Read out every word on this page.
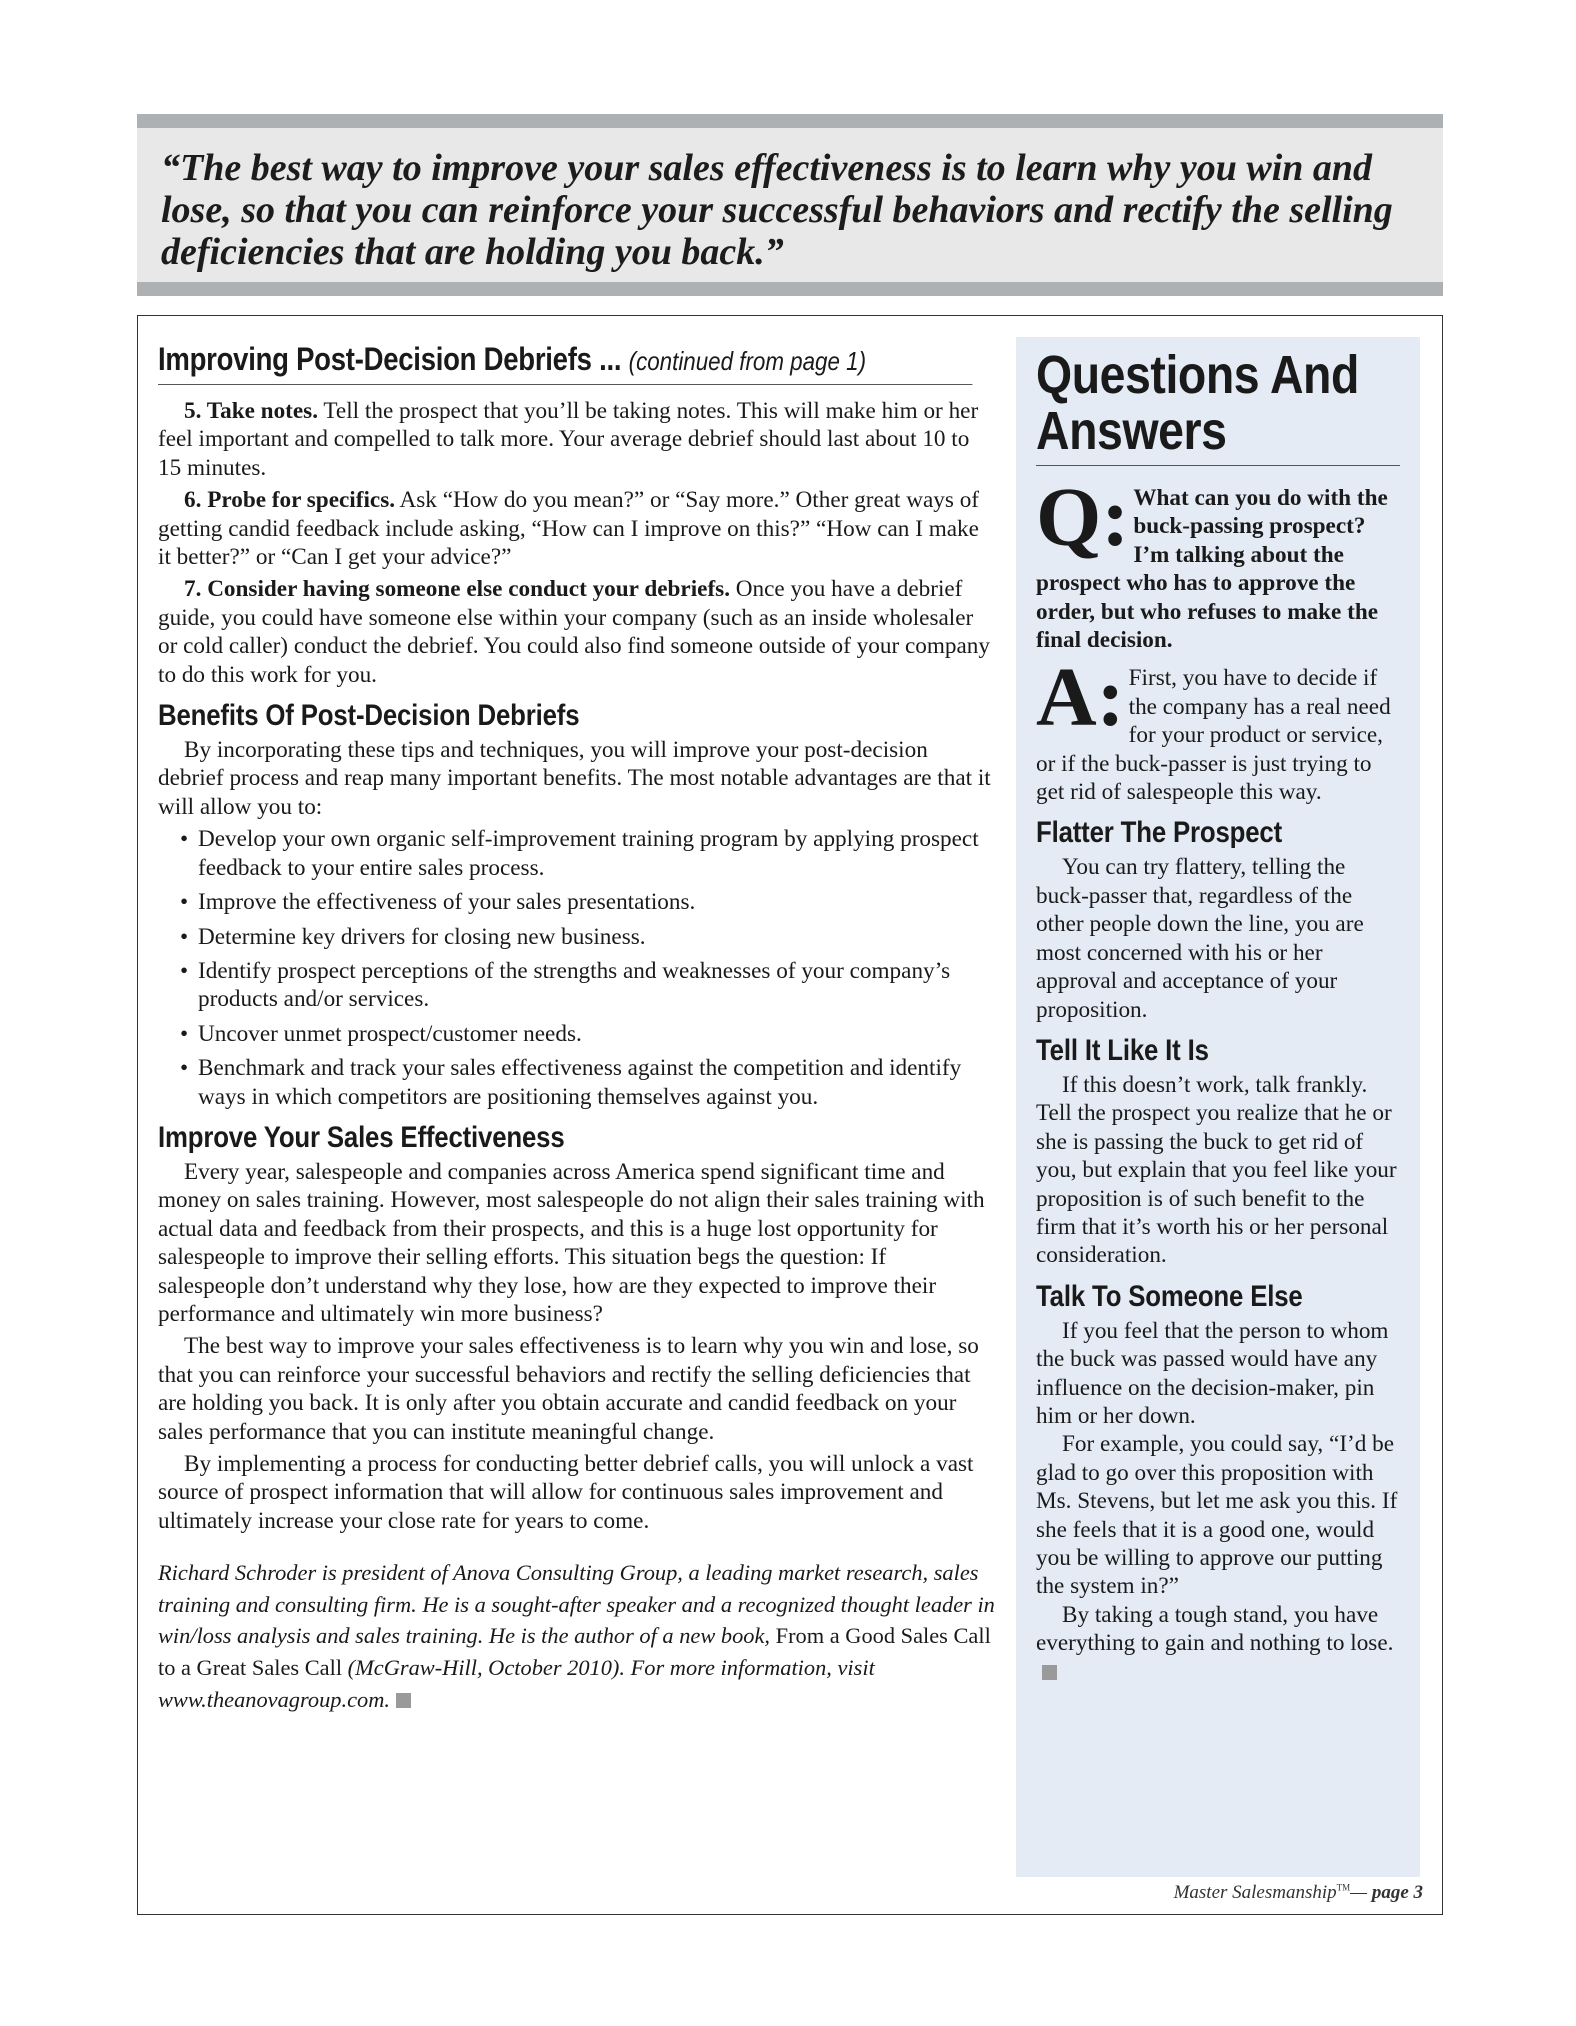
“The best way to improve your sales effectiveness is to learn why you win and lose, so that you can reinforce your successful behaviors and rectify the selling deficiencies that are holding you back.”

Improving Post-Decision Debriefs ... (continued from page 1)

5. Take notes. Tell the prospect that you’ll be taking notes. This will make him or her feel important and compelled to talk more. Your average debrief should last about 10 to 15 minutes.

6. Probe for specifics. Ask “How do you mean?” or “Say more.” Other great ways of getting candid feedback include asking, “How can I improve on this?” “How can I make it better?” or “Can I get your advice?”

7. Consider having someone else conduct your debriefs. Once you have a debrief guide, you could have someone else within your company (such as an inside wholesaler or cold caller) conduct the debrief. You could also find someone outside of your company to do this work for you.

Benefits Of Post-Decision Debriefs

By incorporating these tips and techniques, you will improve your post-decision debrief process and reap many important benefits. The most notable advantages are that it will allow you to:

• Develop your own organic self-improvement training program by applying prospect feedback to your entire sales process.
• Improve the effectiveness of your sales presentations.
• Determine key drivers for closing new business.
• Identify prospect perceptions of the strengths and weaknesses of your company’s products and/or services.
• Uncover unmet prospect/customer needs.
• Benchmark and track your sales effectiveness against the competition and identify ways in which competitors are positioning themselves against you.
Improve Your Sales Effectiveness

Every year, salespeople and companies across America spend significant time and money on sales training. However, most salespeople do not align their sales training with actual data and feedback from their prospects, and this is a huge lost opportunity for salespeople to improve their selling efforts. This situation begs the question: If salespeople don’t understand why they lose, how are they expected to improve their performance and ultimately win more business?

The best way to improve your sales effectiveness is to learn why you win and lose, so that you can reinforce your successful behaviors and rectify the selling deficiencies that are holding you back. It is only after you obtain accurate and candid feedback on your sales performance that you can institute meaningful change.

By implementing a process for conducting better debrief calls, you will unlock a vast source of prospect information that will allow for continuous sales improvement and ultimately increase your close rate for years to come.

Richard Schroder is president of Anova Consulting Group, a leading market research, sales training and consulting firm. He is a sought-after speaker and a recognized thought leader in win/loss analysis and sales training. He is the author of a new book, From a Good Sales Call to a Great Sales Call (McGraw-Hill, October 2010). For more information, visit www.theanovagroup.com.

Questions And Answers
Q: What can you do with the buck-passing prospect? I’m talking about the prospect who has to approve the order, but who refuses to make the final decision.
A: First, you have to decide if the company has a real need for your product or service, or if the buck-passer is just trying to get rid of salespeople this way.
Flatter The Prospect

You can try flattery, telling the buck-passer that, regardless of the other people down the line, you are most concerned with his or her approval and acceptance of your proposition.

Tell It Like It Is

If this doesn’t work, talk frankly. Tell the prospect you realize that he or she is passing the buck to get rid of you, but explain that you feel like your proposition is of such benefit to the firm that it’s worth his or her personal consideration.

Talk To Someone Else

If you feel that the person to whom the buck was passed would have any influence on the decision-maker, pin him or her down.

For example, you could say, “I’d be glad to go over this proposition with Ms. Stevens, but let me ask you this. If she feels that it is a good one, would you be willing to approve our putting the system in?”

By taking a tough stand, you have everything to gain and nothing to lose.

Master Salesmanship™— page 3
